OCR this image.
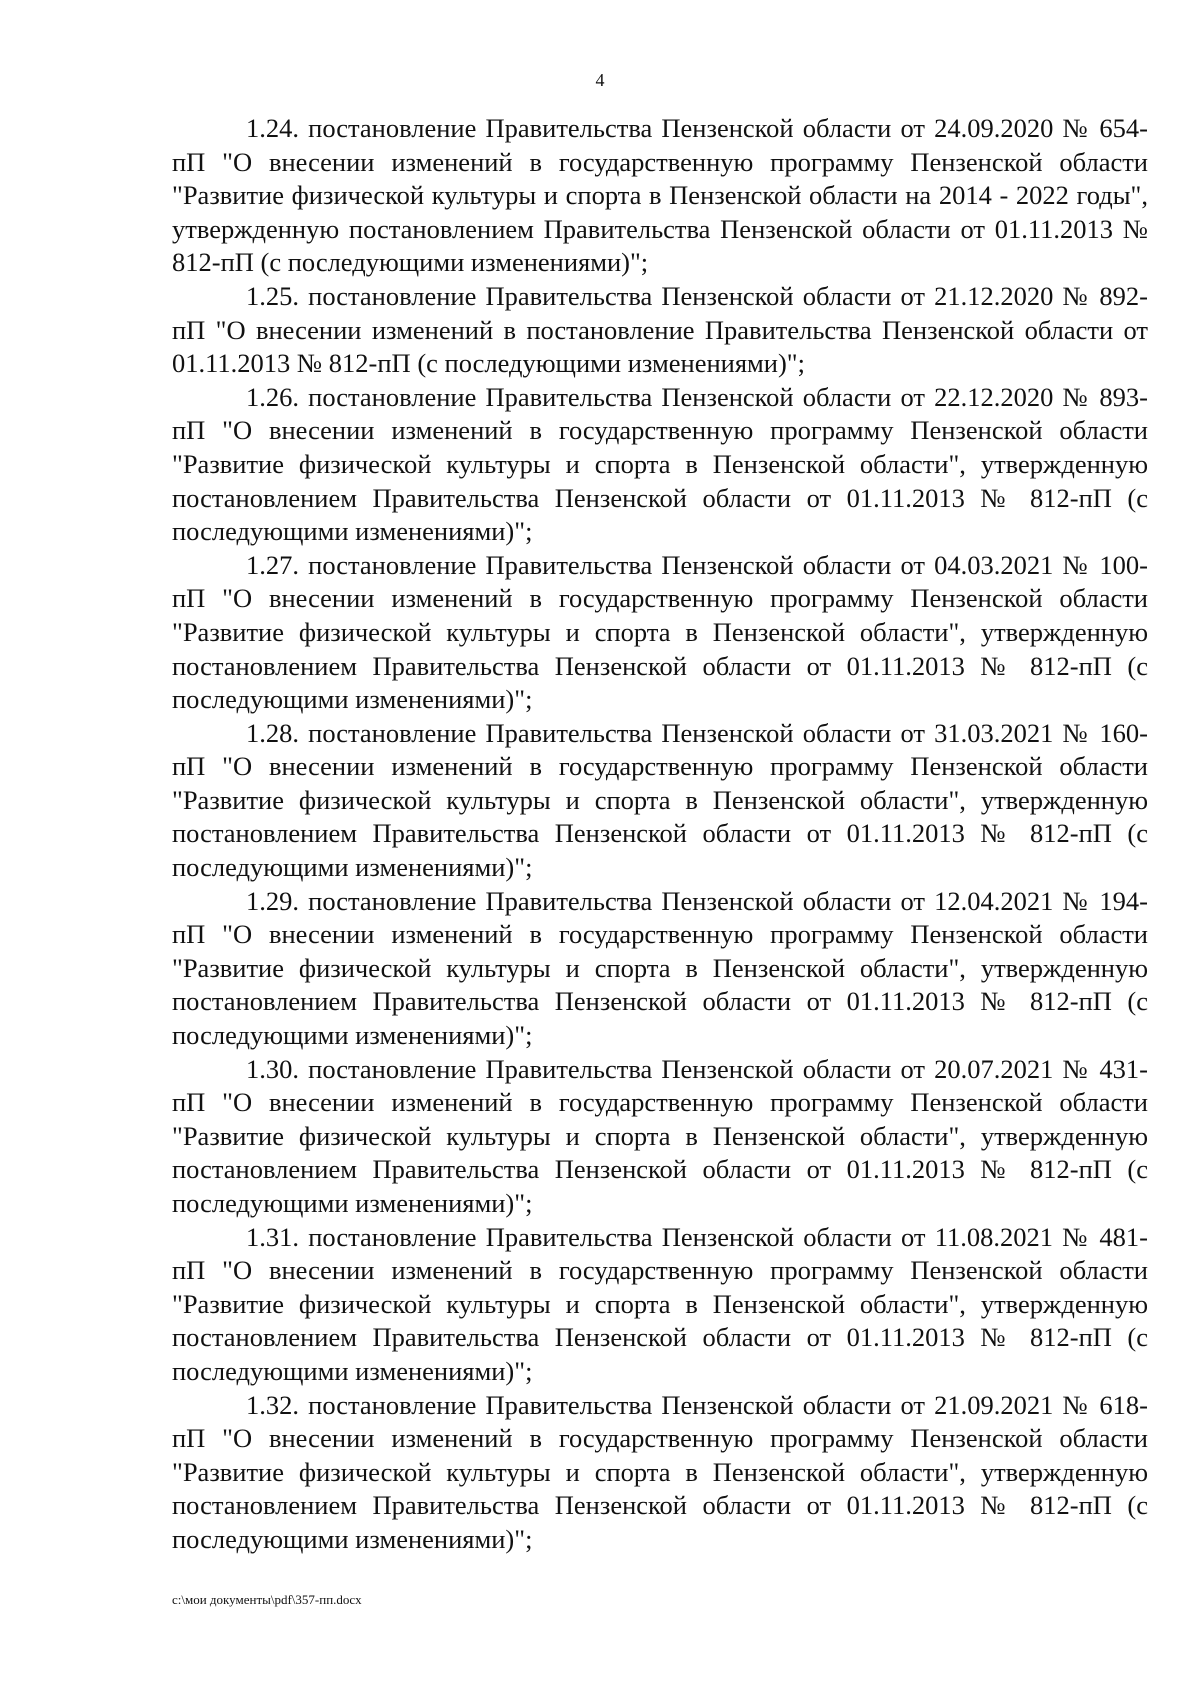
4

1.24. постановление Правительства Пензенской области от 24.09.2020 № 654-пП "О внесении изменений в государственную программу Пензенской области "Развитие физической культуры и спорта в Пензенской области на 2014 - 2022 годы", утвержденную постановлением Правительства Пензенской области от 01.11.2013 № 812-пП (с последующими изменениями)";

1.25. постановление Правительства Пензенской области от 21.12.2020 № 892-пП "О внесении изменений в постановление Правительства Пензенской области от 01.11.2013 № 812-пП (с последующими изменениями)";

1.26. постановление Правительства Пензенской области от 22.12.2020 № 893-пП "О внесении изменений в государственную программу Пензенской области "Развитие физической культуры и спорта в Пензенской области", утвержденную постановлением Правительства Пензенской области от 01.11.2013 № 812-пП (с последующими изменениями)";

1.27. постановление Правительства Пензенской области от 04.03.2021 № 100-пП "О внесении изменений в государственную программу Пензенской области "Развитие физической культуры и спорта в Пензенской области", утвержденную постановлением Правительства Пензенской области от 01.11.2013 № 812-пП (с последующими изменениями)";

1.28. постановление Правительства Пензенской области от 31.03.2021 № 160-пП "О внесении изменений в государственную программу Пензенской области "Развитие физической культуры и спорта в Пензенской области", утвержденную постановлением Правительства Пензенской области от 01.11.2013 № 812-пП (с последующими изменениями)";

1.29. постановление Правительства Пензенской области от 12.04.2021 № 194-пП "О внесении изменений в государственную программу Пензенской области "Развитие физической культуры и спорта в Пензенской области", утвержденную постановлением Правительства Пензенской области от 01.11.2013 № 812-пП (с последующими изменениями)";

1.30. постановление Правительства Пензенской области от 20.07.2021 № 431-пП "О внесении изменений в государственную программу Пензенской области "Развитие физической культуры и спорта в Пензенской области", утвержденную постановлением Правительства Пензенской области от 01.11.2013 № 812-пП (с последующими изменениями)";

1.31. постановление Правительства Пензенской области от 11.08.2021 № 481-пП "О внесении изменений в государственную программу Пензенской области "Развитие физической культуры и спорта в Пензенской области", утвержденную постановлением Правительства Пензенской области от 01.11.2013 № 812-пП (с последующими изменениями)";

1.32. постановление Правительства Пензенской области от 21.09.2021 № 618-пП "О внесении изменений в государственную программу Пензенской области "Развитие физической культуры и спорта в Пензенской области", утвержденную постановлением Правительства Пензенской области от 01.11.2013 № 812-пП (с последующими изменениями)";

c:\мои документы\pdf\357-пп.docx
